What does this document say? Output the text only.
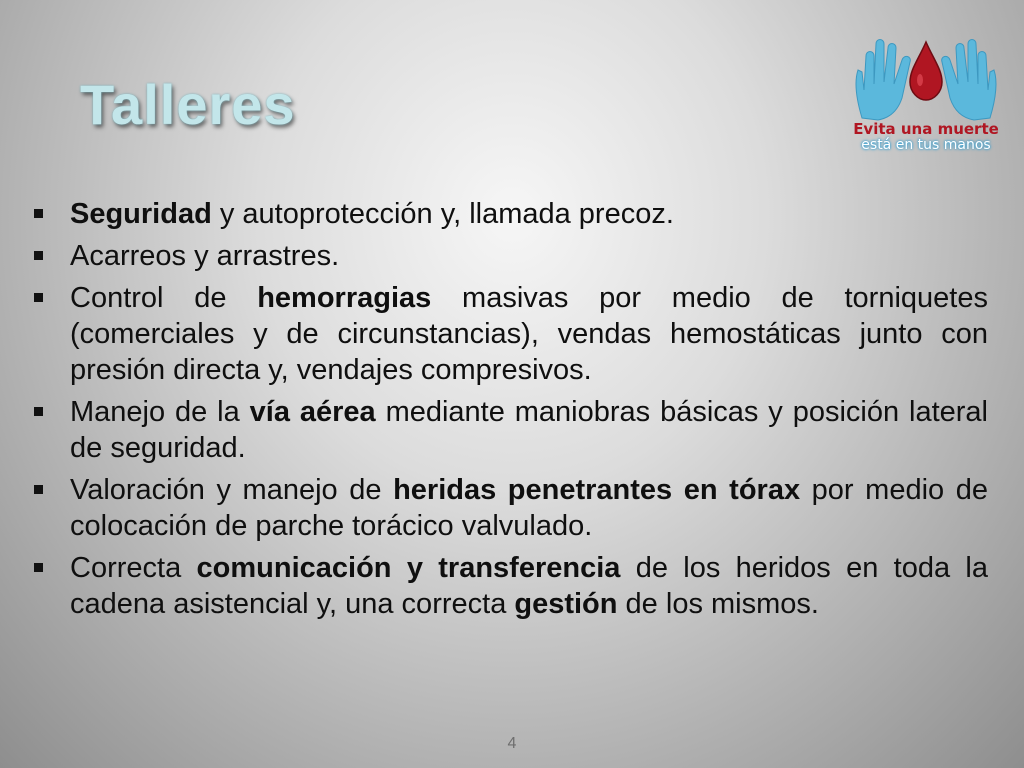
Talleres	Evita una muerte
está en tus manos
Seguridad y autoprotección y, llamada precoz.
Acarreos y arrastres.
Control de hemorragias masivas por medio de torniquetes (comerciales y de circunstancias), vendas hemostáticas junto con presión directa y, vendajes compresivos.
Manejo de la vía aérea mediante maniobras básicas y posición lateral de seguridad.
Valoración y manejo de heridas penetrantes en tórax por medio de colocación de parche torácico valvulado.
Correcta comunicación y transferencia de los heridos en toda la cadena asistencial y, una correcta gestión de los mismos.
4
